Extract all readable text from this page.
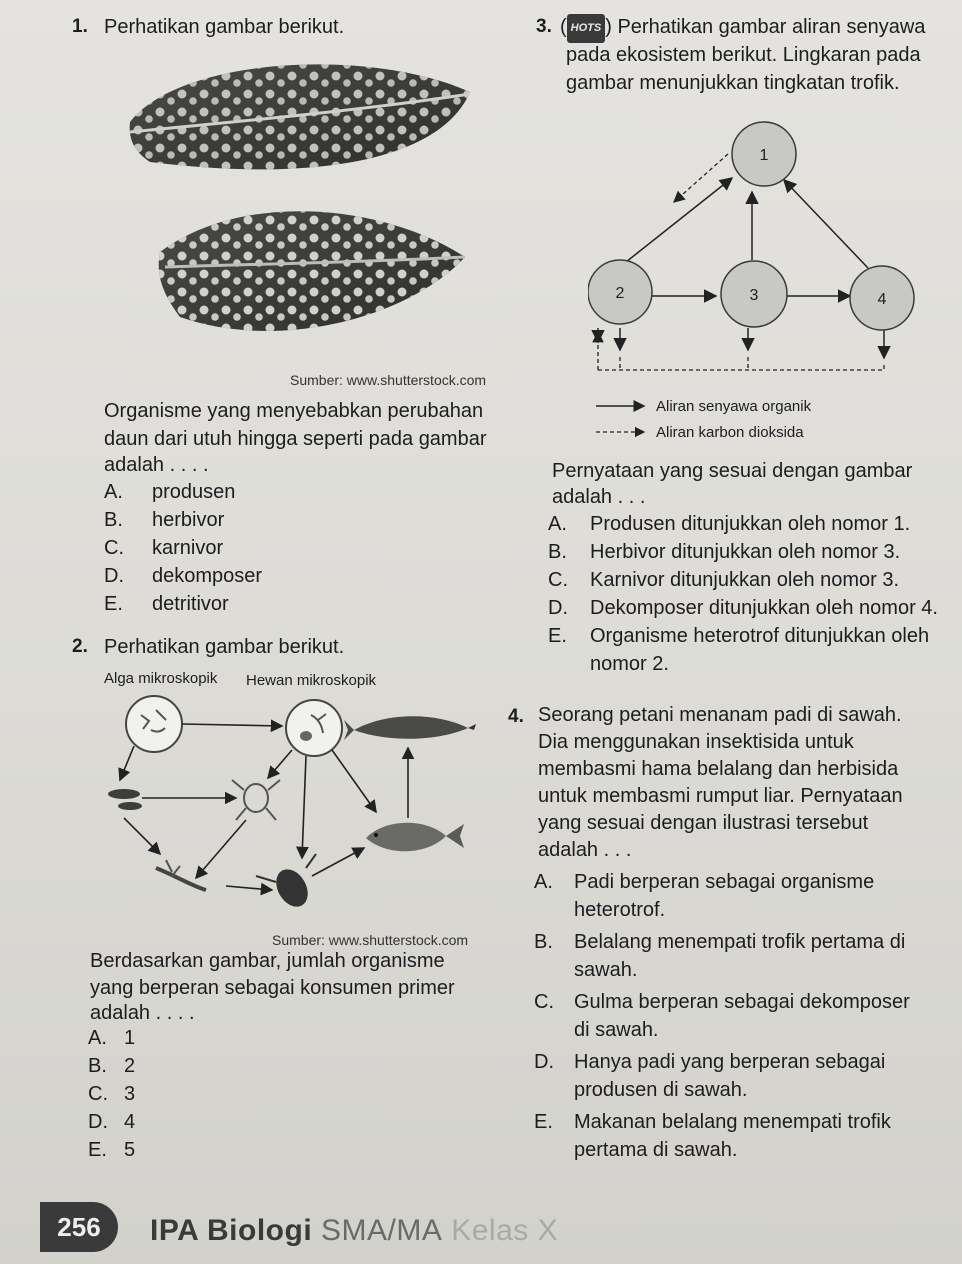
1. Perhatikan gambar berikut.
Sumber: www.shutterstock.com
Organisme yang menyebabkan perubahan
daun dari utuh hingga seperti pada gambar
adalah . . . .
A. produsen
B. herbivor
C. karnivor
D. dekomposer
E. detritivor
2. Perhatikan gambar berikut.
Alga mikroskopik Hewan mikroskopik
Sumber: www.shutterstock.com
Berdasarkan gambar, jumlah organisme
yang berperan sebagai konsumen primer
adalah . . . .
A. 1
B. 2
C. 3
D. 4
E. 5
3. ( HOTS ) Perhatikan gambar aliran senyawa
pada ekosistem berikut. Lingkaran pada
gambar menunjukkan tingkatan trofik.
1
2	3	4
Aliran senyawa organik
Aliran karbon dioksida
Pernyataan yang sesuai dengan gambar
adalah . . .
A. Produsen ditunjukkan oleh nomor 1.
B. Herbivor ditunjukkan oleh nomor 3.
C. Karnivor ditunjukkan oleh nomor 3.
D. Dekomposer ditunjukkan oleh nomor 4.
E. Organisme heterotrof ditunjukkan oleh
nomor 2.
4. Seorang petani menanam padi di sawah.
Dia menggunakan insektisida untuk
membasmi hama belalang dan herbisida
untuk membasmi rumput liar. Pernyataan
yang sesuai dengan ilustrasi tersebut
adalah . . .
A. Padi berperan sebagai organisme
heterotrof.
B. Belalang menempati trofik pertama di
sawah.
C. Gulma berperan sebagai dekomposer
di sawah.
D. Hanya padi yang berperan sebagai
produsen di sawah.
E. Makanan belalang menempati trofik
pertama di sawah.
256	IPA Biologi SMA/MA Kelas X
